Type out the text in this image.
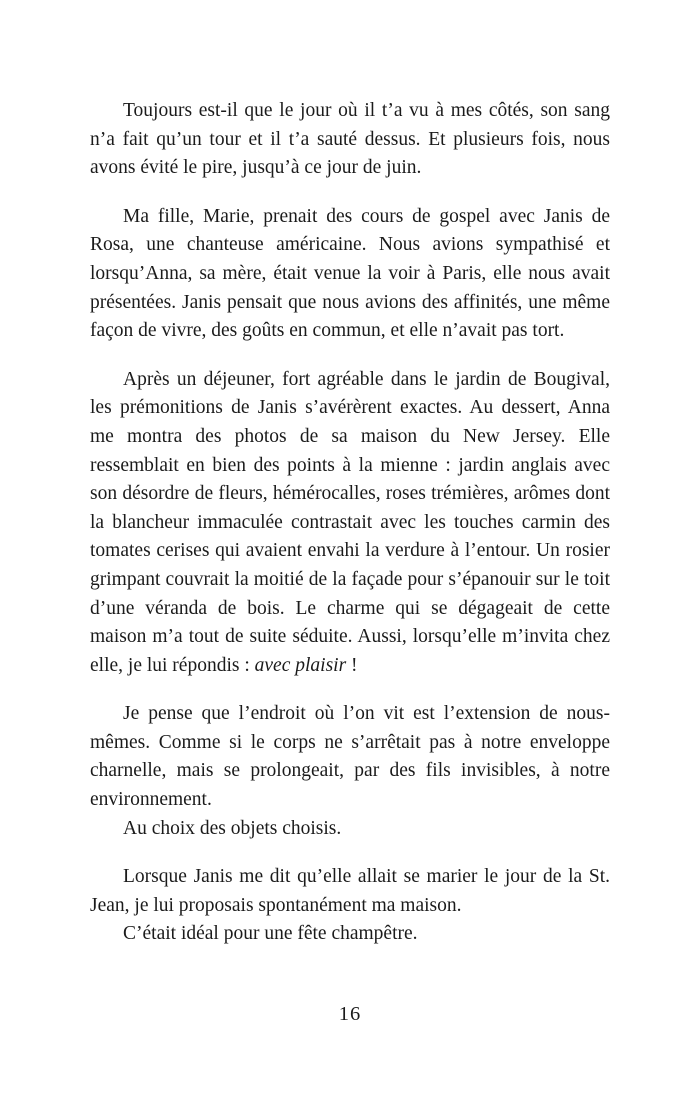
Toujours est-il que le jour où il t’a vu à mes côtés, son sang n’a fait qu’un tour et il t’a sauté dessus. Et plusieurs fois, nous avons évité le pire, jusqu’à ce jour de juin.

Ma fille, Marie, prenait des cours de gospel avec Janis de Rosa, une chanteuse américaine. Nous avions sympathisé et lorsqu’Anna, sa mère, était venue la voir à Paris, elle nous avait présentées. Janis pensait que nous avions des affinités, une même façon de vivre, des goûts en commun, et elle n’avait pas tort.

Après un déjeuner, fort agréable dans le jardin de Bougival, les prémonitions de Janis s’avérèrent exactes. Au dessert, Anna me montra des photos de sa maison du New Jersey. Elle ressemblait en bien des points à la mienne : jardin anglais avec son désordre de fleurs, hémérocalles, roses trémières, arômes dont la blancheur immaculée contrastait avec les touches carmin des tomates cerises qui avaient envahi la verdure à l’entour. Un rosier grimpant couvrait la moitié de la façade pour s’épanouir sur le toit d’une véranda de bois. Le charme qui se dégageait de cette maison m’a tout de suite séduite. Aussi, lorsqu’elle m’invita chez elle, je lui répondis : avec plaisir !

Je pense que l’endroit où l’on vit est l’extension de nous-mêmes. Comme si le corps ne s’arrêtait pas à notre enveloppe charnelle, mais se prolongeait, par des fils invisibles, à notre environnement.

Au choix des objets choisis.

Lorsque Janis me dit qu’elle allait se marier le jour de la St. Jean, je lui proposais spontanément ma maison.

C’était idéal pour une fête champêtre.

16
